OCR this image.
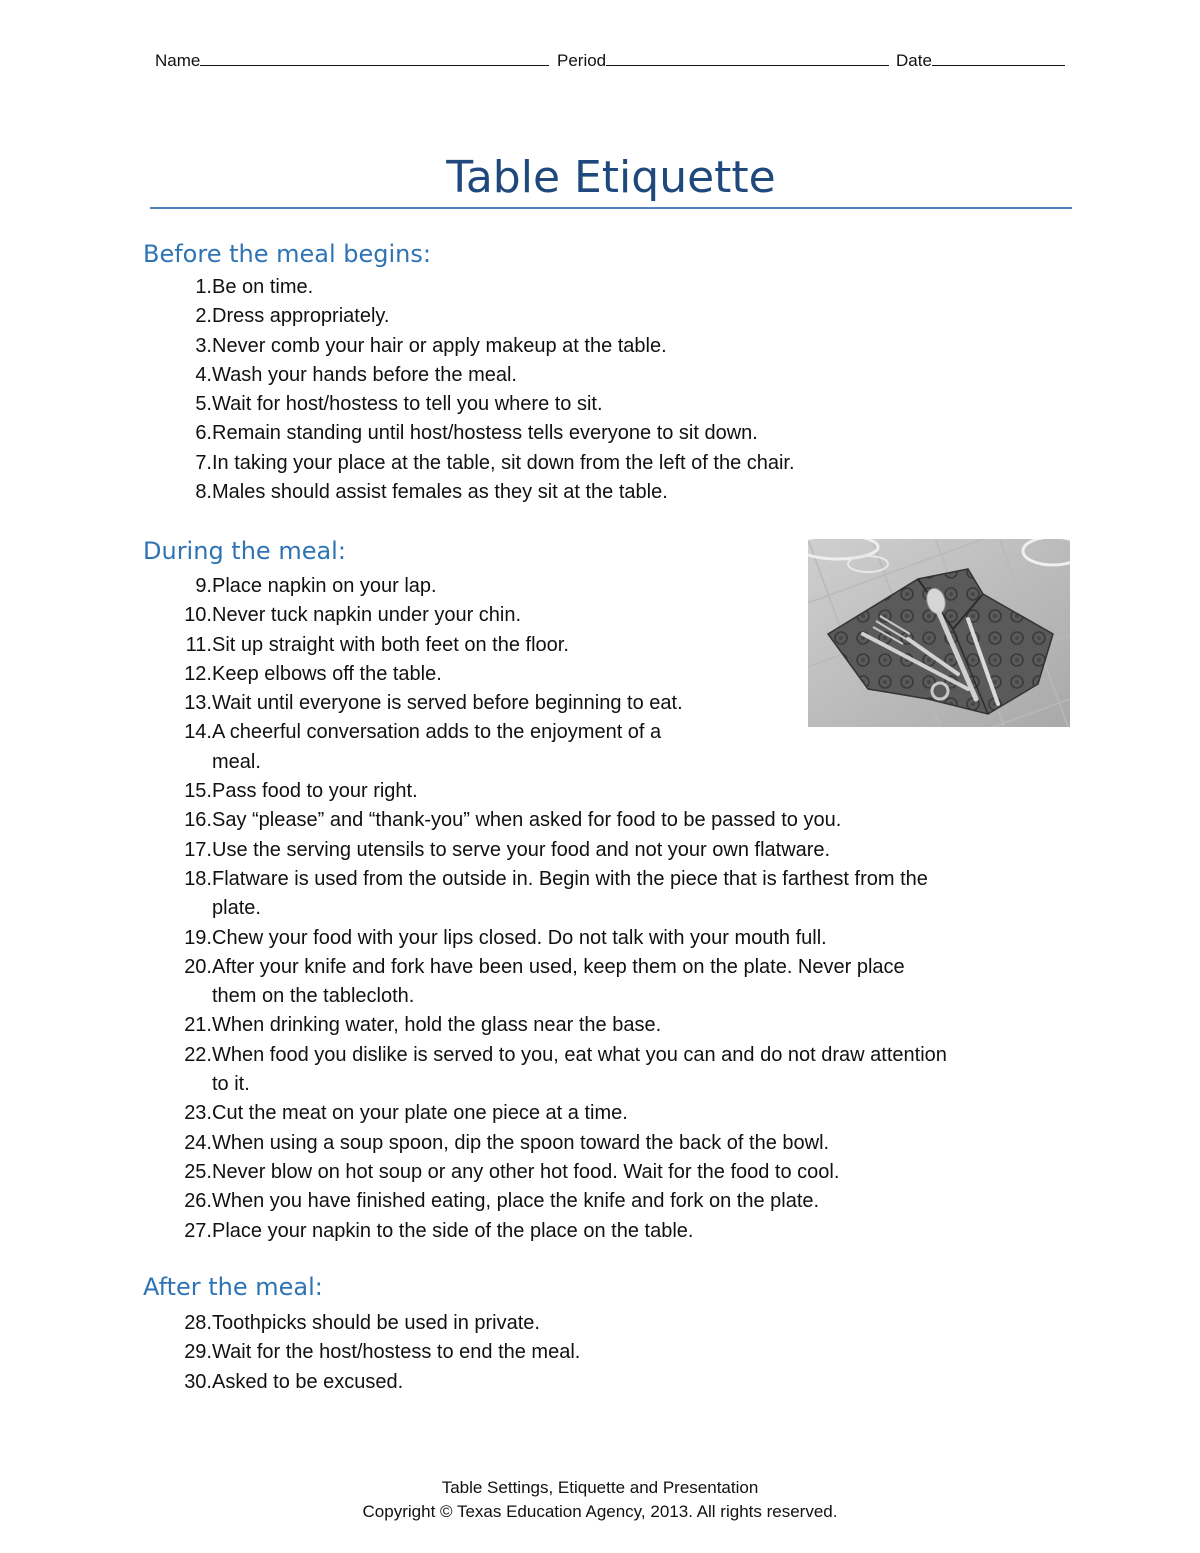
Name	Period	Date
Table Etiquette
Before the meal begins:
1. Be on time.
2. Dress appropriately.
3. Never comb your hair or apply makeup at the table.
4. Wash your hands before the meal.
5. Wait for host/hostess to tell you where to sit.
6. Remain standing until host/hostess tells everyone to sit down.
7. In taking your place at the table, sit down from the left of the chair.
8. Males should assist females as they sit at the table.
During the meal:
9. Place napkin on your lap.
10. Never tuck napkin under your chin.
11. Sit up straight with both feet on the floor.
12. Keep elbows off the table.
13. Wait until everyone is served before beginning to eat.
14. A cheerful conversation adds to the enjoyment of a
meal.
15. Pass food to your right.
16. Say “please” and “thank-you” when asked for food to be passed to you.
17. Use the serving utensils to serve your food and not your own flatware.
18. Flatware is used from the outside in. Begin with the piece that is farthest from the
plate.
19. Chew your food with your lips closed. Do not talk with your mouth full.
20. After your knife and fork have been used, keep them on the plate. Never place
them on the tablecloth.
21. When drinking water, hold the glass near the base.
22. When food you dislike is served to you, eat what you can and do not draw attention
to it.
23. Cut the meat on your plate one piece at a time.
24. When using a soup spoon, dip the spoon toward the back of the bowl.
25. Never blow on hot soup or any other hot food. Wait for the food to cool.
26. When you have finished eating, place the knife and fork on the plate.
27. Place your napkin to the side of the place on the table.
After the meal:
28. Toothpicks should be used in private.
29. Wait for the host/hostess to end the meal.
30. Asked to be excused.
Table Settings, Etiquette and Presentation
Copyright © Texas Education Agency, 2013. All rights reserved.
